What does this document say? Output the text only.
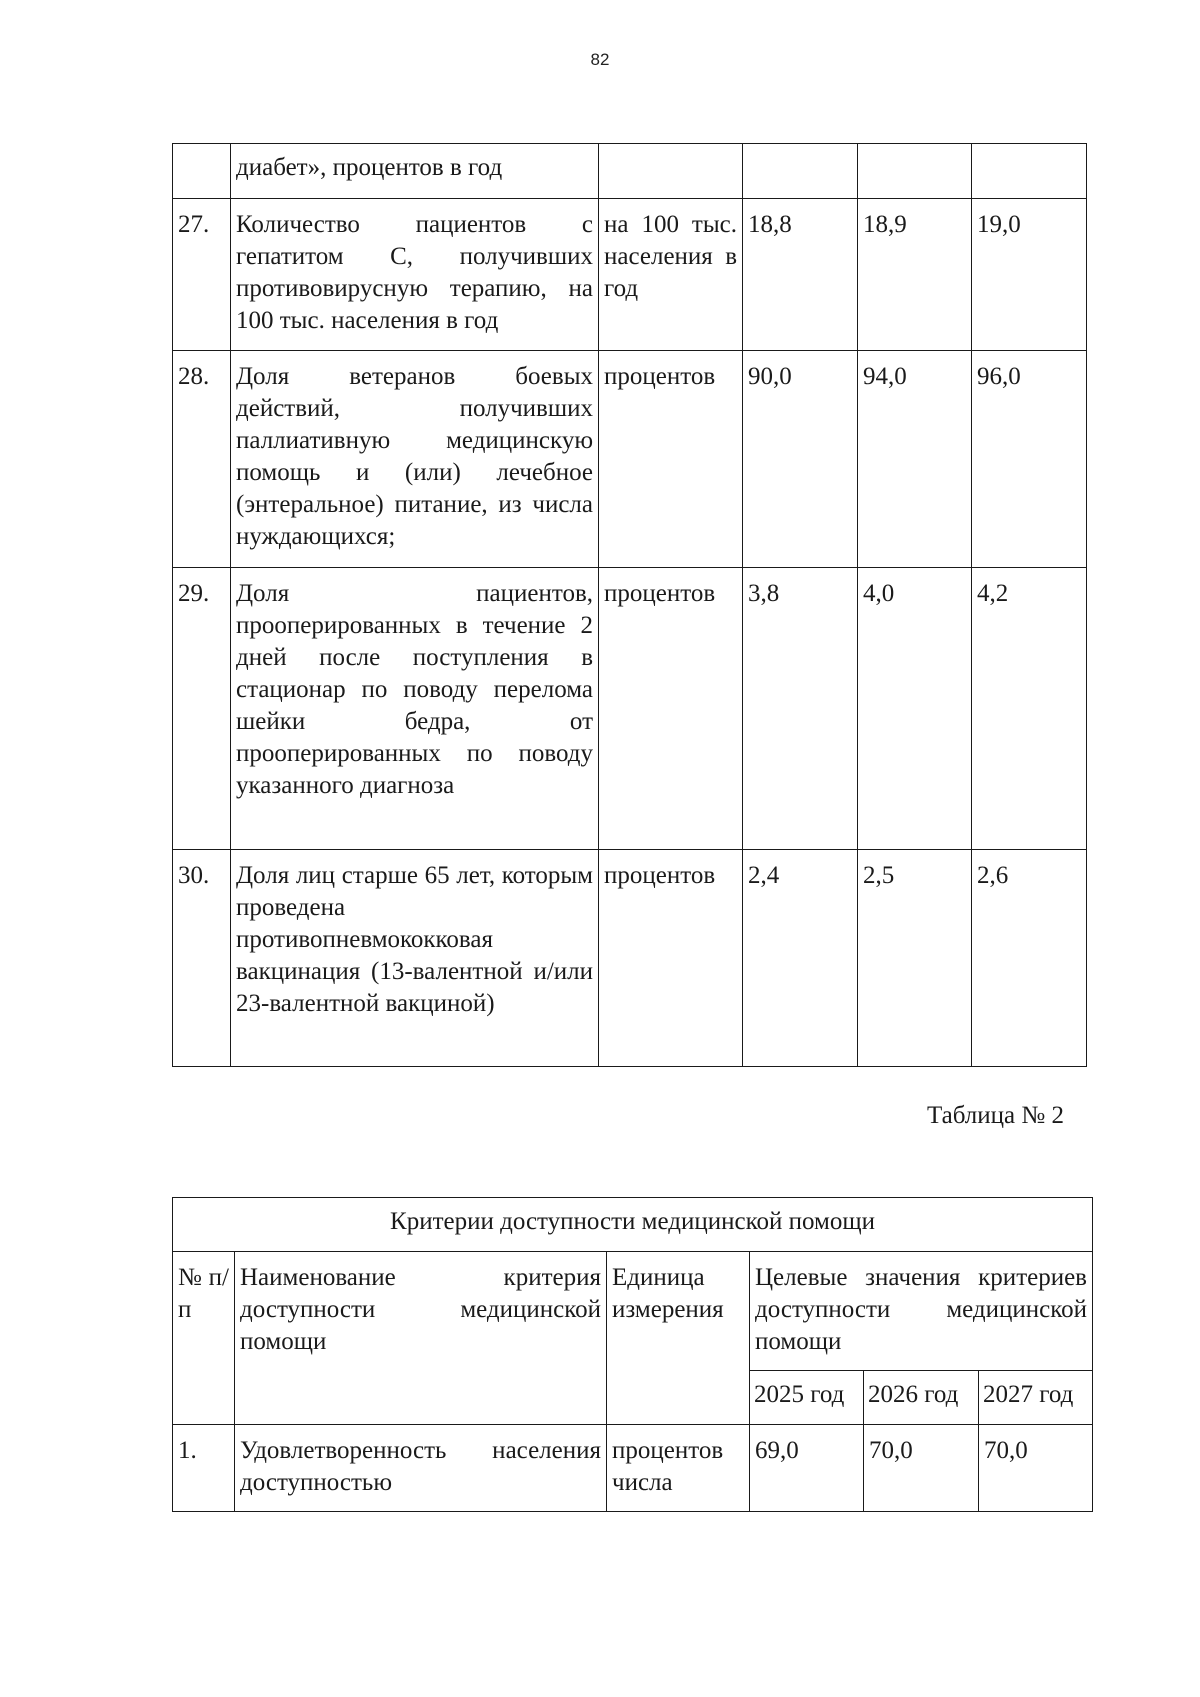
82
	диабет», процентов в год				
27.	Количество пациентов с гепатитом С, получивших противовирусную терапию, на 100 тыс. населения в год	на 100 тыс. населения в год	18,8	18,9	19,0
28.	Доля ветеранов боевых действий, получивших паллиативную медицинскую помощь и (или) лечебное (энтеральное) питание, из числа нуждающихся;	процентов	90,0	94,0	96,0
29.	Доля пациентов, прооперированных в течение 2 дней после поступления в стационар по поводу перелома шейки бедра, от прооперированных по поводу указанного диагноза	процентов	3,8	4,0	4,2
30.	Доля лиц старше 65 лет, которым проведена противопневмококковая вакцинация (13-валентной и/или 23-валентной вакциной)	процентов	2,4	2,5	2,6
Таблица № 2
Критерии доступности медицинской помощи					
№ п/п	Наименование критерия доступности медицинской помощи	Единица измерения	Целевые значения критериев доступности медицинской помощи		
			2025 год	2026 год	2027 год
1.	Удовлетворенность населения доступностью	процентов числа	69,0	70,0	70,0
